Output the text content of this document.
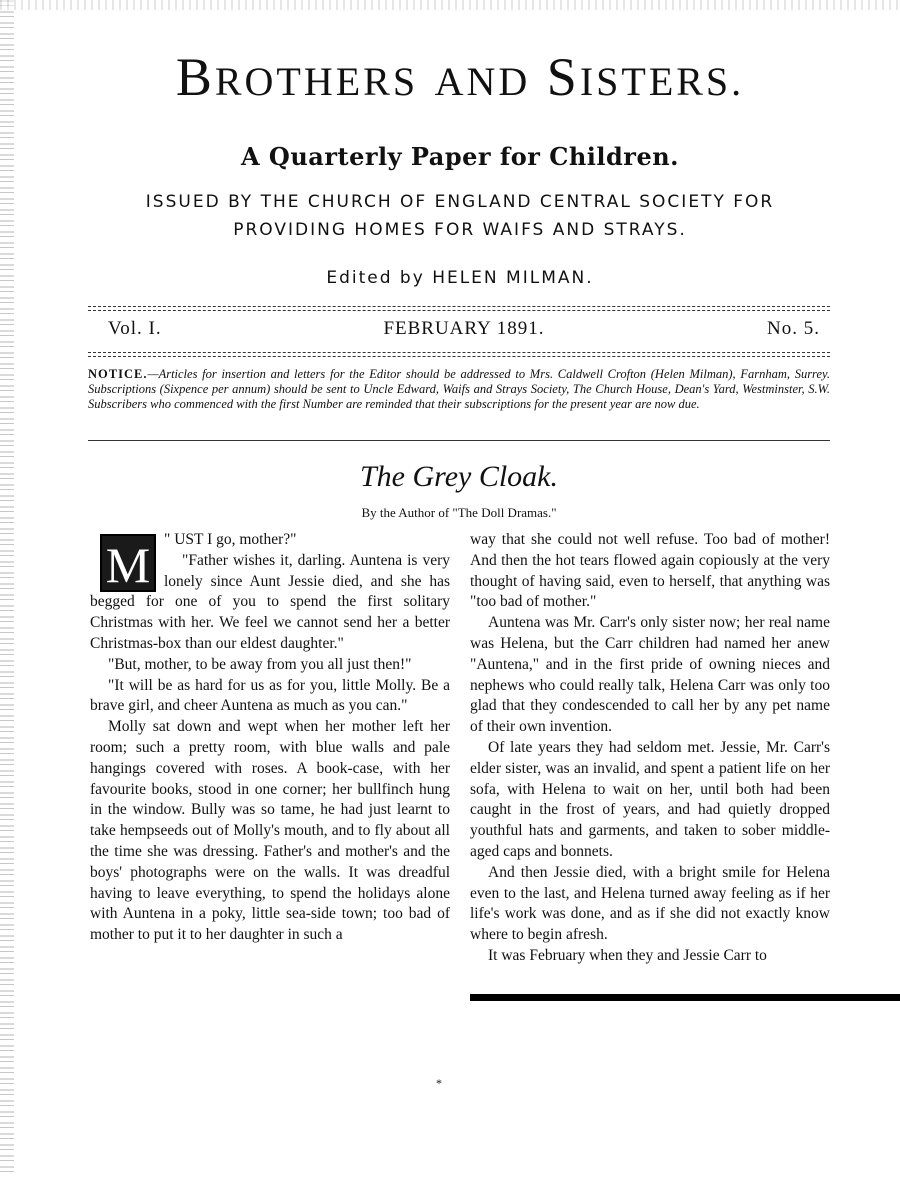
BROTHERS AND SISTERS.
A Quarterly Paper for Children.
ISSUED BY THE CHURCH OF ENGLAND CENTRAL SOCIETY FOR
PROVIDING HOMES FOR WAIFS AND STRAYS.
Edited by HELEN MILMAN.
Vol. I.	FEBRUARY 1891.	No. 5.
NOTICE.—Articles for insertion and letters for the Editor should be addressed to Mrs. Caldwell Crofton (Helen Milman), Farnham, Surrey. Subscriptions (Sixpence per annum) should be sent to Uncle Edward, Waifs and Strays Society, The Church House, Dean's Yard, Westminster, S.W. Subscribers who commenced with the first Number are reminded that their subscriptions for the present year are now due.
The Grey Cloak.
By the Author of "The Doll Dramas."
M " UST I go, mother?"

"Father wishes it, darling. Auntena is very lonely since Aunt Jessie died, and she has begged for one of you to spend the first solitary Christmas with her. We feel we cannot send her a better Christmas-box than our eldest daughter."

"But, mother, to be away from you all just then!"

"It will be as hard for us as for you, little Molly. Be a brave girl, and cheer Auntena as much as you can."

Molly sat down and wept when her mother left her room; such a pretty room, with blue walls and pale hangings covered with roses. A book-case, with her favourite books, stood in one corner; her bullfinch hung in the window. Bully was so tame, he had just learnt to take hempseeds out of Molly's mouth, and to fly about all the time she was dressing. Father's and mother's and the boys' photographs were on the walls. It was dreadful having to leave everything, to spend the holidays alone with Auntena in a poky, little sea-side town; too bad of mother to put it to her daughter in such a

way that she could not well refuse. Too bad of mother! And then the hot tears flowed again copiously at the very thought of having said, even to herself, that anything was "too bad of mother."

Auntena was Mr. Carr's only sister now; her real name was Helena, but the Carr children had named her anew "Auntena," and in the first pride of owning nieces and nephews who could really talk, Helena Carr was only too glad that they condescended to call her by any pet name of their own invention.

Of late years they had seldom met. Jessie, Mr. Carr's elder sister, was an invalid, and spent a patient life on her sofa, with Helena to wait on her, until both had been caught in the frost of years, and had quietly dropped youthful hats and garments, and taken to sober middle-aged caps and bonnets.

And then Jessie died, with a bright smile for Helena even to the last, and Helena turned away feeling as if her life's work was done, and as if she did not exactly know where to begin afresh.

It was February when they and Jessie Carr to

*
